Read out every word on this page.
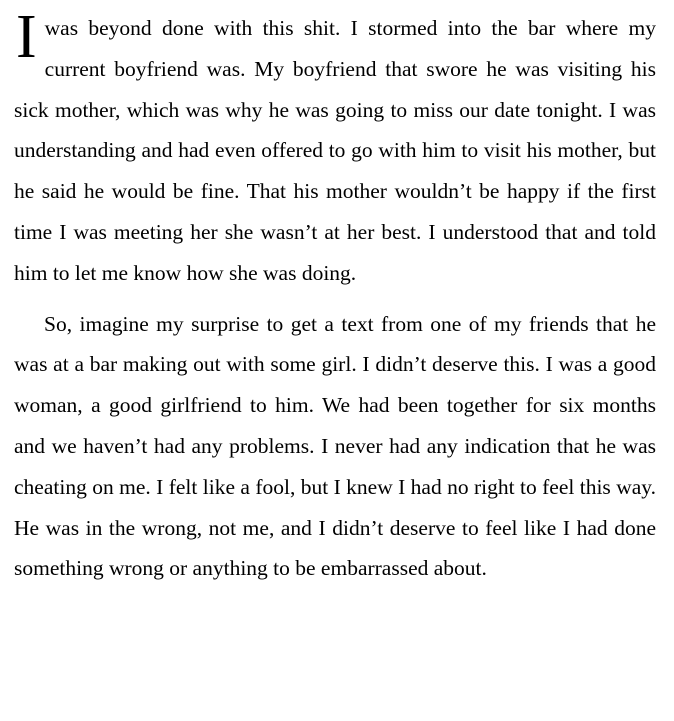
I was beyond done with this shit. I stormed into the bar where my current boyfriend was. My boyfriend that swore he was visiting his sick mother, which was why he was going to miss our date tonight. I was understanding and had even offered to go with him to visit his mother, but he said he would be fine. That his mother wouldn’t be happy if the first time I was meeting her she wasn’t at her best. I understood that and told him to let me know how she was doing.

So, imagine my surprise to get a text from one of my friends that he was at a bar making out with some girl. I didn’t deserve this. I was a good woman, a good girlfriend to him. We had been together for six months and we haven’t had any problems. I never had any indication that he was cheating on me. I felt like a fool, but I knew I had no right to feel this way. He was in the wrong, not me, and I didn’t deserve to feel like I had done something wrong or anything to be embarrassed about.
